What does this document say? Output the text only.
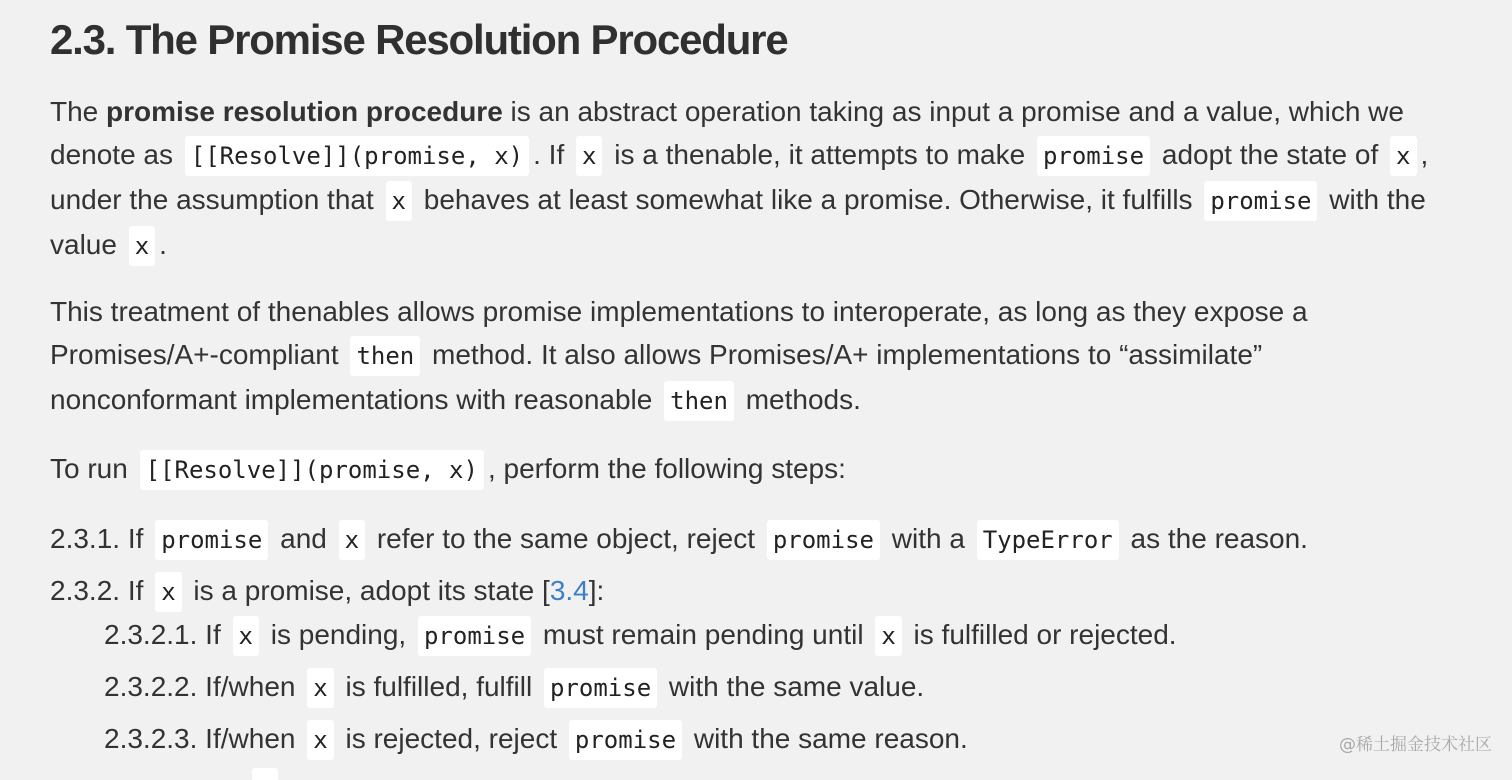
2.3. The Promise Resolution Procedure

The promise resolution procedure is an abstract operation taking as input a promise and a value, which we
denote as [[Resolve]](promise, x) . If x is a thenable, it attempts to make promise adopt the state of x ,
under the assumption that x behaves at least somewhat like a promise. Otherwise, it fulfills promise with the
value x .

This treatment of thenables allows promise implementations to interoperate, as long as they expose a
Promises/A+-compliant then method. It also allows Promises/A+ implementations to “assimilate”
nonconformant implementations with reasonable then methods.

To run [[Resolve]](promise, x) , perform the following steps:

2.3.1. If promise and x refer to the same object, reject promise with a TypeError as the reason.
2.3.2. If x is a promise, adopt its state [3.4]:
2.3.2.1. If x is pending, promise must remain pending until x is fulfilled or rejected.
2.3.2.2. If/when x is fulfilled, fulfill promise with the same value.
2.3.2.3. If/when x is rejected, reject promise with the same reason.	@稀土掘金技术社区
